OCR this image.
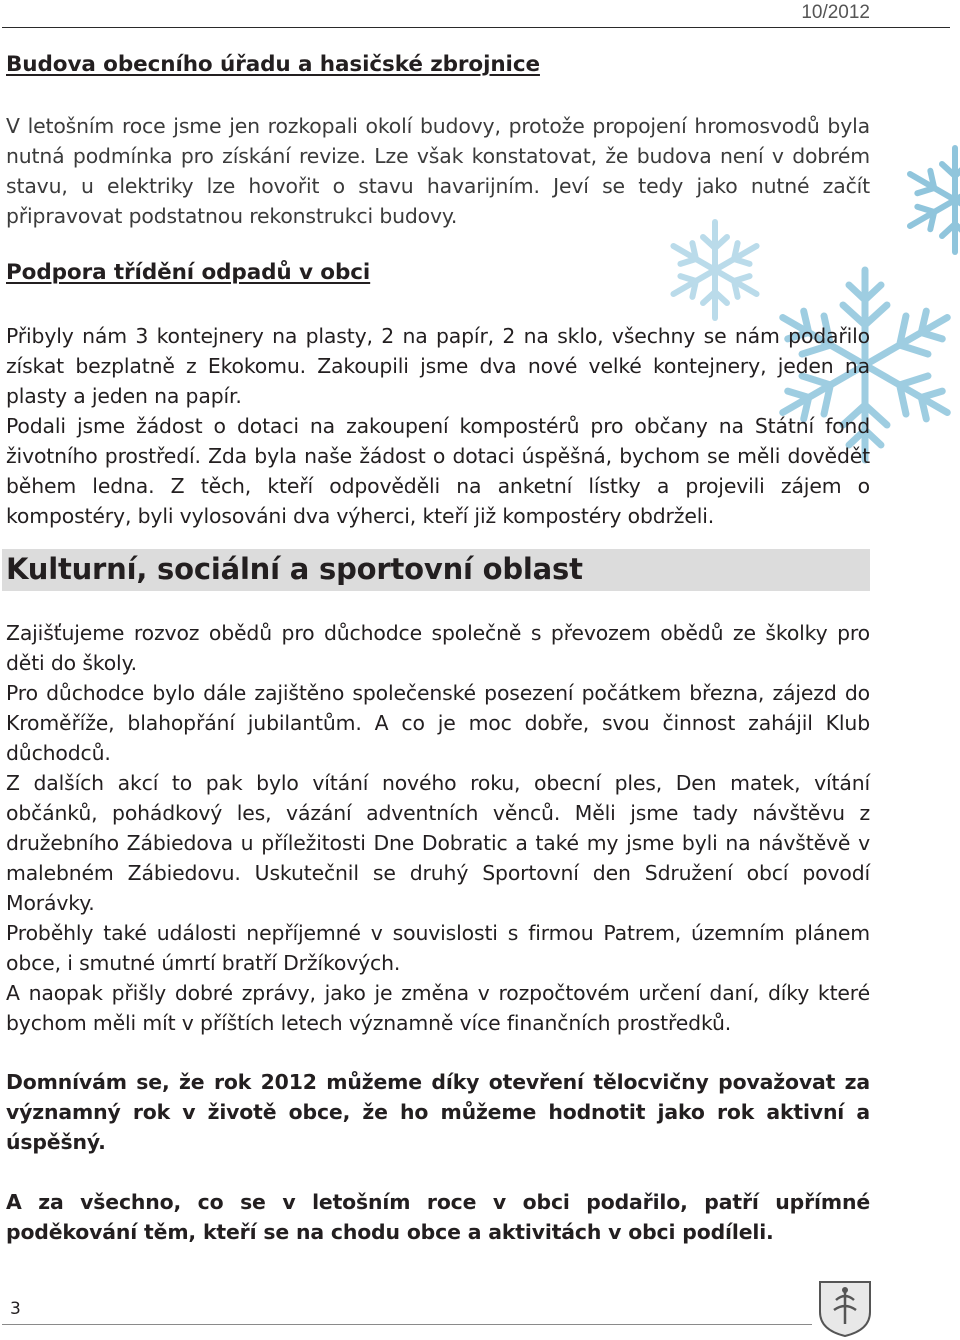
10/2012
Budova obecního úřadu a hasičské zbrojnice

V letošním roce jsme jen rozkopali okolí budovy, protože propojení hromosvodů byla nutná podmínka pro získání revize. Lze však konstatovat, že budova není v dobrém stavu, u elektriky lze hovořit o stavu havarijním. Jeví se tedy jako nutné začít připravovat podstatnou rekonstrukci budovy.

Podpora třídění odpadů v obci

Přibyly nám 3 kontejnery na plasty, 2 na papír, 2 na sklo, všechny se nám podařilo získat bezplatně z Ekokomu. Zakoupili jsme dva nové velké kontejnery, jeden na plasty a jeden na papír.

Podali jsme žádost o dotaci na zakoupení kompostérů pro občany na Státní fond životního prostředí. Zda byla naše žádost o dotaci úspěšná, bychom se měli dovědět během ledna. Z těch, kteří odpověděli na anketní lístky a projevili zájem o kompostéry, byli vylosováni dva výherci, kteří již kompostéry obdrželi.

Kulturní, sociální a sportovní oblast

Zajišťujeme rozvoz obědů pro důchodce společně s převozem obědů ze školky pro děti do školy.

Pro důchodce bylo dále zajištěno společenské posezení počátkem března, zájezd do Kroměříže, blahopřání jubilantům. A co je moc dobře, svou činnost zahájil Klub důchodců.

Z dalších akcí to pak bylo vítání nového roku, obecní ples, Den matek, vítání občánků, pohádkový les, vázání adventních věnců. Měli jsme tady návštěvu z družebního Zábiedova u příležitosti Dne Dobratic a také my jsme byli na návštěvě v malebném Zábiedovu. Uskutečnil se druhý Sportovní den Sdružení obcí povodí Morávky.

Proběhly také události nepříjemné v souvislosti s firmou Patrem, územním plánem obce, i smutné úmrtí bratří Držíkových.

A naopak přišly dobré zprávy, jako je změna v rozpočtovém určení daní, díky které bychom měli mít v příštích letech významně více finančních prostředků.

Domnívám se, že rok 2012 můžeme díky otevření tělocvičny považovat za významný rok v životě obce, že ho můžeme hodnotit jako rok aktivní a úspěšný.

A za všechno, co se v letošním roce v obci podařilo, patří upřímné poděkování těm, kteří se na chodu obce a aktivitách v obci podíleli.

3
